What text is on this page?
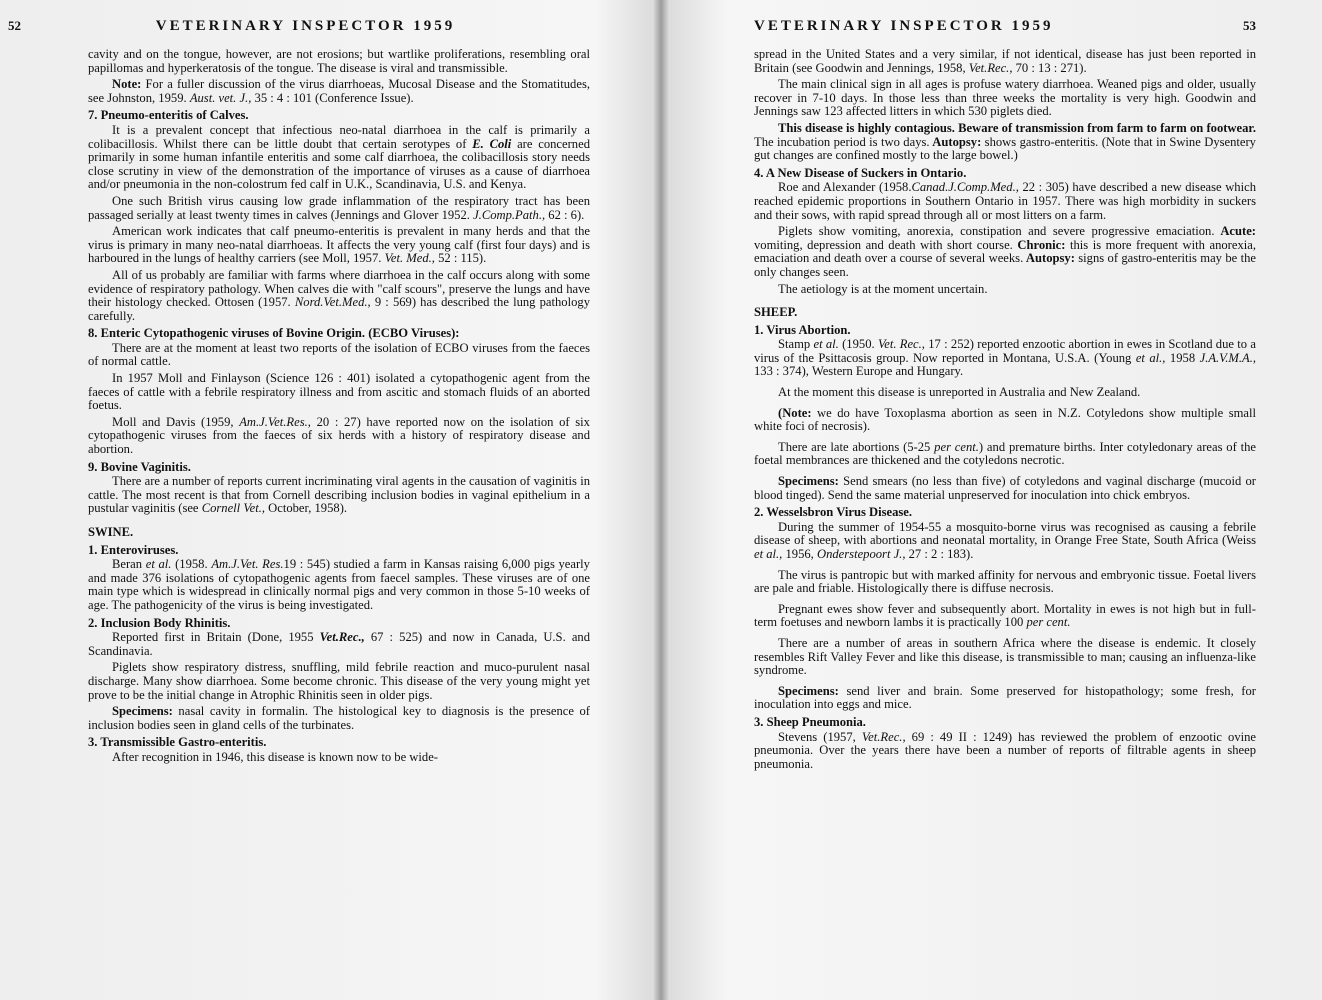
52	VETERINARY INSPECTOR 1959

cavity and on the tongue, however, are not erosions; but wartlike proliferations, resembling oral papillomas and hyperkeratosis of the tongue. The disease is viral and transmissible.

Note: For a fuller discussion of the virus diarrhoeas, Mucosal Disease and the Stomatitudes, see Johnston, 1959. Aust. vet. J., 35 : 4 : 101 (Conference Issue).

7. Pneumo-enteritis of Calves.

It is a prevalent concept that infectious neo-natal diarrhoea in the calf is primarily a colibacillosis. Whilst there can be little doubt that certain serotypes of E. Coli are concerned primarily in some human infantile enteritis and some calf diarrhoea, the colibacillosis story needs close scrutiny in view of the demonstration of the importance of viruses as a cause of diarrhoea and/or pneumonia in the non-colostrum fed calf in U.K., Scandinavia, U.S. and Kenya.

One such British virus causing low grade inflammation of the respiratory tract has been passaged serially at least twenty times in calves (Jennings and Glover 1952. J.Comp.Path., 62 : 6).

American work indicates that calf pneumo-enteritis is prevalent in many herds and that the virus is primary in many neo-natal diarrhoeas. It affects the very young calf (first four days) and is harboured in the lungs of healthy carriers (see Moll, 1957. Vet. Med., 52 : 115).

All of us probably are familiar with farms where diarrhoea in the calf occurs along with some evidence of respiratory pathology. When calves die with "calf scours", preserve the lungs and have their histology checked. Ottosen (1957. Nord.Vet.Med., 9 : 569) has described the lung pathology carefully.

8. Enteric Cytopathogenic viruses of Bovine Origin. (ECBO Viruses):

There are at the moment at least two reports of the isolation of ECBO viruses from the faeces of normal cattle.

In 1957 Moll and Finlayson (Science 126 : 401) isolated a cytopathogenic agent from the faeces of cattle with a febrile respiratory illness and from ascitic and stomach fluids of an aborted foetus.

Moll and Davis (1959, Am.J.Vet.Res., 20 : 27) have reported now on the isolation of six cytopathogenic viruses from the faeces of six herds with a history of respiratory disease and abortion.

9. Bovine Vaginitis.

There are a number of reports current incriminating viral agents in the causation of vaginitis in cattle. The most recent is that from Cornell describing inclusion bodies in vaginal epithelium in a pustular vaginitis (see Cornell Vet., October, 1958).

SWINE.
1. Enteroviruses.

Beran et al. (1958. Am.J.Vet. Res.19 : 545) studied a farm in Kansas raising 6,000 pigs yearly and made 376 isolations of cytopathogenic agents from faecel samples. These viruses are of one main type which is widespread in clinically normal pigs and very common in those 5-10 weeks of age. The pathogenicity of the virus is being investigated.

2. Inclusion Body Rhinitis.

Reported first in Britain (Done, 1955 Vet.Rec., 67 : 525) and now in Canada, U.S. and Scandinavia.

Piglets show respiratory distress, snuffling, mild febrile reaction and muco-purulent nasal discharge. Many show diarrhoea. Some become chronic. This disease of the very young might yet prove to be the initial change in Atrophic Rhinitis seen in older pigs.

Specimens: nasal cavity in formalin. The histological key to diagnosis is the presence of inclusion bodies seen in gland cells of the turbinates.

3. Transmissible Gastro-enteritis.

After recognition in 1946, this disease is known now to be wide-

VETERINARY INSPECTOR 1959	53

spread in the United States and a very similar, if not identical, disease has just been reported in Britain (see Goodwin and Jennings, 1958, Vet.Rec., 70 : 13 : 271).

The main clinical sign in all ages is profuse watery diarrhoea. Weaned pigs and older, usually recover in 7-10 days. In those less than three weeks the mortality is very high. Goodwin and Jennings saw 123 affected litters in which 530 piglets died.

This disease is highly contagious. Beware of transmission from farm to farm on footwear. The incubation period is two days. Autopsy: shows gastro-enteritis. (Note that in Swine Dysentery gut changes are confined mostly to the large bowel.)

4. A New Disease of Suckers in Ontario.

Roe and Alexander (1958.Canad.J.Comp.Med., 22 : 305) have described a new disease which reached epidemic proportions in Southern Ontario in 1957. There was high morbidity in suckers and their sows, with rapid spread through all or most litters on a farm.

Piglets show vomiting, anorexia, constipation and severe progressive emaciation. Acute: vomiting, depression and death with short course. Chronic: this is more frequent with anorexia, emaciation and death over a course of several weeks. Autopsy: signs of gastro-enteritis may be the only changes seen.

The aetiology is at the moment uncertain.

SHEEP.
1. Virus Abortion.

Stamp et al. (1950. Vet. Rec., 17 : 252) reported enzootic abortion in ewes in Scotland due to a virus of the Psittacosis group. Now reported in Montana, U.S.A. (Young et al., 1958 J.A.V.M.A., 133 : 374), Western Europe and Hungary.

At the moment this disease is unreported in Australia and New Zealand.

(Note: we do have Toxoplasma abortion as seen in N.Z. Cotyledons show multiple small white foci of necrosis).

There are late abortions (5-25 per cent.) and premature births. Inter cotyledonary areas of the foetal membrances are thickened and the cotyledons necrotic.

Specimens: Send smears (no less than five) of cotyledons and vaginal discharge (mucoid or blood tinged). Send the same material unpreserved for inoculation into chick embryos.

2. Wesselsbron Virus Disease.

During the summer of 1954-55 a mosquito-borne virus was recognised as causing a febrile disease of sheep, with abortions and neonatal mortality, in Orange Free State, South Africa (Weiss et al., 1956, Onderstepoort J., 27 : 2 : 183).

The virus is pantropic but with marked affinity for nervous and embryonic tissue. Foetal livers are pale and friable. Histologically there is diffuse necrosis.

Pregnant ewes show fever and subsequently abort. Mortality in ewes is not high but in full-term foetuses and newborn lambs it is practically 100 per cent.

There are a number of areas in southern Africa where the disease is endemic. It closely resembles Rift Valley Fever and like this disease, is transmissible to man; causing an influenza-like syndrome.

Specimens: send liver and brain. Some preserved for histopathology; some fresh, for inoculation into eggs and mice.

3. Sheep Pneumonia.

Stevens (1957, Vet.Rec., 69 : 49 II : 1249) has reviewed the problem of enzootic ovine pneumonia. Over the years there have been a number of reports of filtrable agents in sheep pneumonia.
